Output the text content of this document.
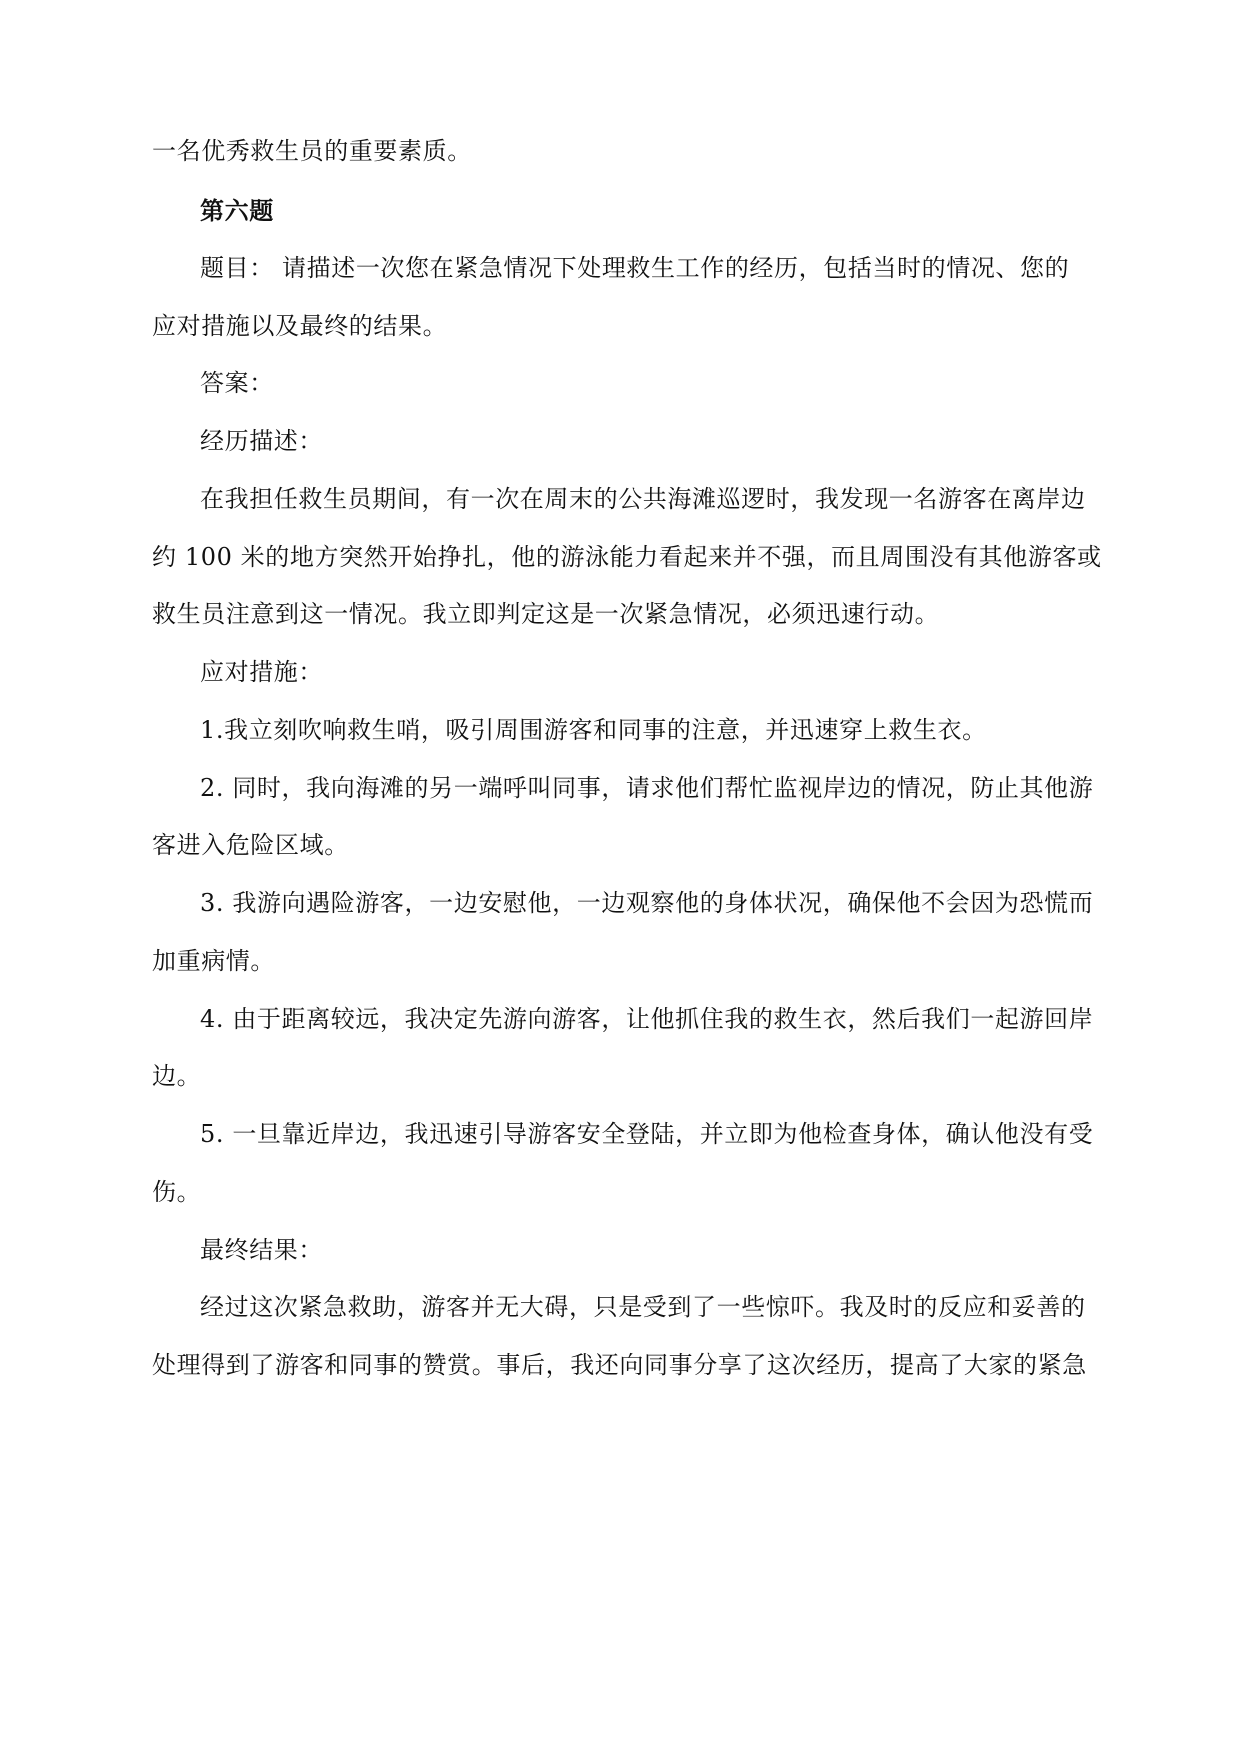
一名优秀救生员的重要素质。
第六题
题目： 请描述一次您在紧急情况下处理救生工作的经历，包括当时的情况、您的
应对措施以及最终的结果。
答案：
经历描述：
在我担任救生员期间，有一次在周末的公共海滩巡逻时，我发现一名游客在离岸边
约 100 米的地方突然开始挣扎，他的游泳能力看起来并不强，而且周围没有其他游客或
救生员注意到这一情况。我立即判定这是一次紧急情况，必须迅速行动。
应对措施：
1.我立刻吹响救生哨，吸引周围游客和同事的注意，并迅速穿上救生衣。
2. 同时，我向海滩的另一端呼叫同事，请求他们帮忙监视岸边的情况，防止其他游
客进入危险区域。
3. 我游向遇险游客，一边安慰他，一边观察他的身体状况，确保他不会因为恐慌而
加重病情。
4. 由于距离较远，我决定先游向游客，让他抓住我的救生衣，然后我们一起游回岸
边。
5. 一旦靠近岸边，我迅速引导游客安全登陆，并立即为他检查身体，确认他没有受
伤。
最终结果：
经过这次紧急救助，游客并无大碍，只是受到了一些惊吓。我及时的反应和妥善的
处理得到了游客和同事的赞赏。事后，我还向同事分享了这次经历，提高了大家的紧急
